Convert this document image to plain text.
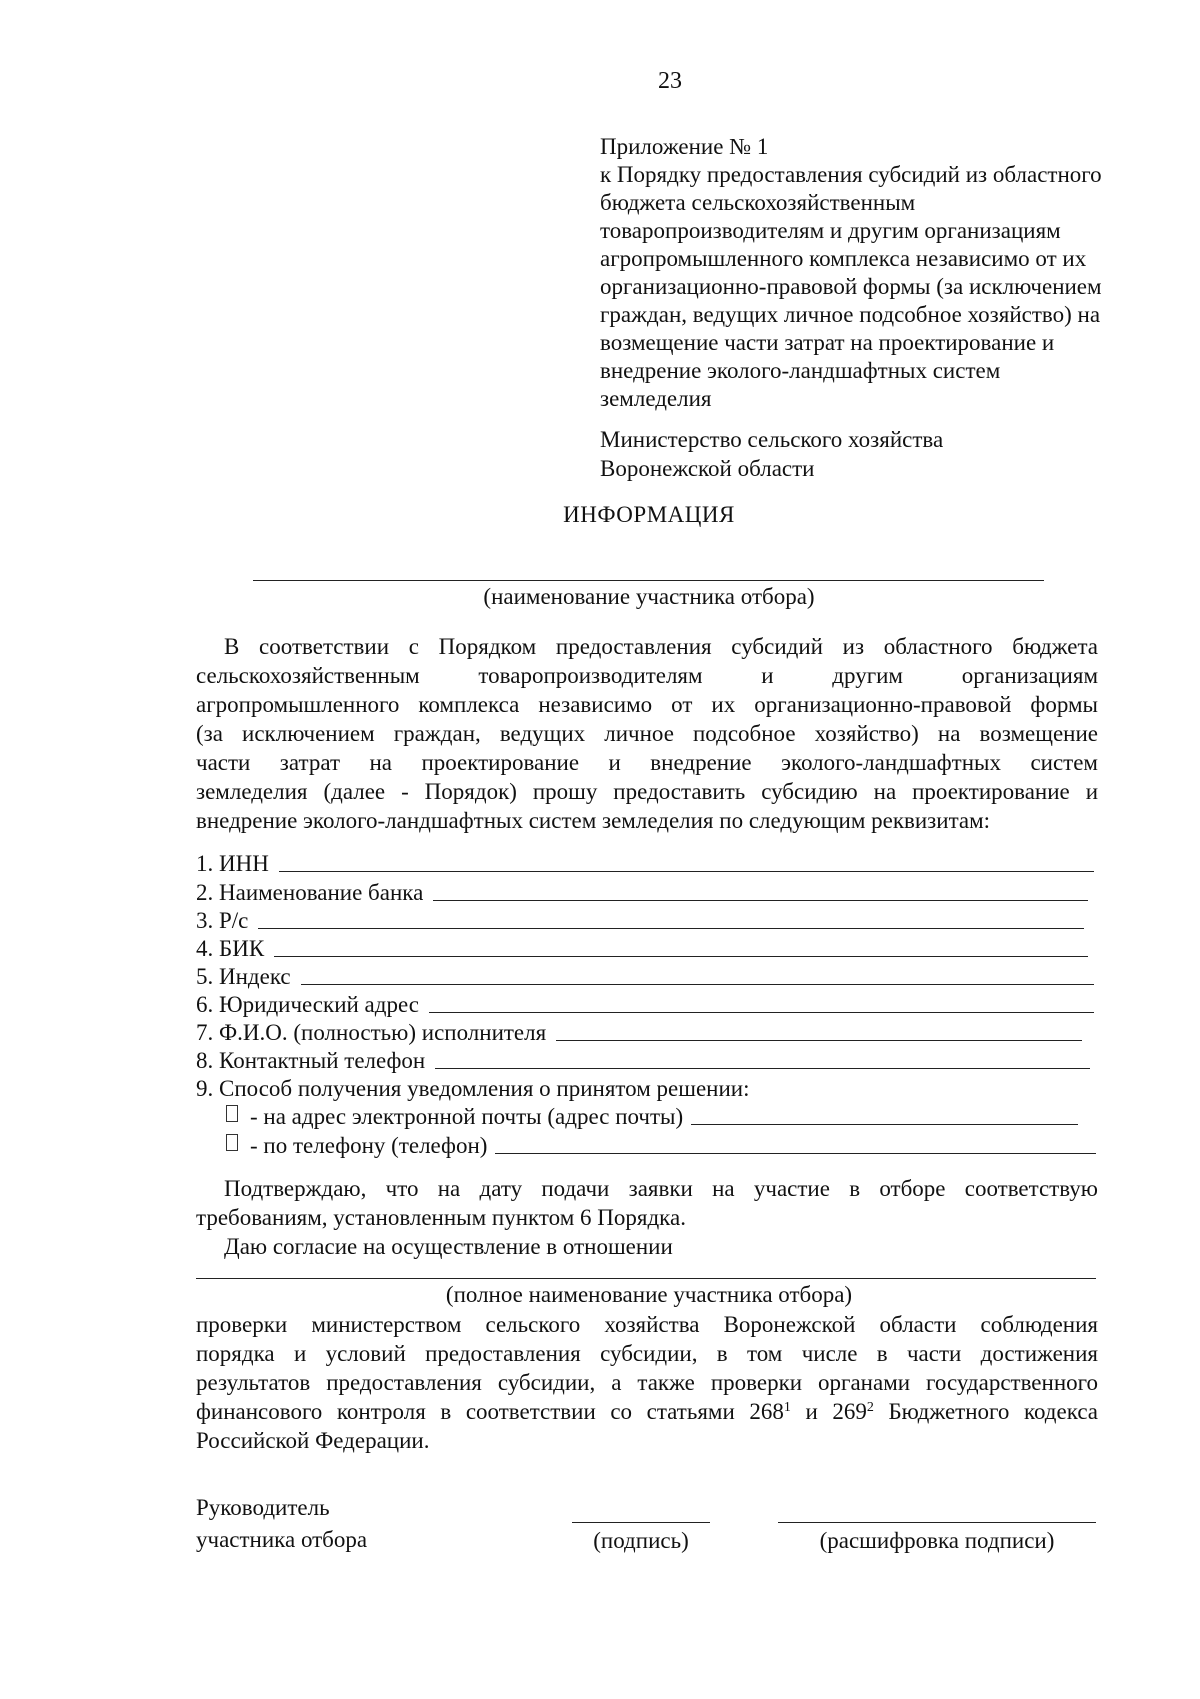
23
Приложение № 1
к Порядку предоставления субсидий из областного
бюджета сельскохозяйственным
товаропроизводителям и другим организациям
агропромышленного комплекса независимо от их
организационно-правовой формы (за исключением
граждан, ведущих личное подсобное хозяйство) на
возмещение части затрат на проектирование и
внедрение эколого-ландшафтных систем
земледелия
Министерство сельского хозяйства
Воронежской области
ИНФОРМАЦИЯ
(наименование участника отбора)
В соответствии с Порядком предоставления субсидий из областного бюджета
сельскохозяйственным товаропроизводителям и другим организациям
агропромышленного комплекса независимо от их организационно-правовой формы
(за исключением граждан, ведущих личное подсобное хозяйство) на возмещение
части затрат на проектирование и внедрение эколого-ландшафтных систем
земледелия (далее - Порядок) прошу предоставить субсидию на проектирование и
внедрение эколого-ландшафтных систем земледелия по следующим реквизитам:
1. ИНН
2. Наименование банка
3. Р/с
4. БИК
5. Индекс
6. Юридический адрес
7. Ф.И.О. (полностью) исполнителя
8. Контактный телефон
9. Способ получения уведомления о принятом решении:
- на адрес электронной почты (адрес почты)
- по телефону (телефон)
Подтверждаю, что на дату подачи заявки на участие в отборе соответствую
требованиям, установленным пунктом 6 Порядка.
Даю согласие на осуществление в отношении
(полное наименование участника отбора)
проверки министерством сельского хозяйства Воронежской области соблюдения
порядка и условий предоставления субсидии, в том числе в части достижения
результатов предоставления субсидии, а также проверки органами государственного
финансового контроля в соответствии со статьями $268^1$ и $269^2$ Бюджетного кодекса
Российской Федерации.
Руководитель
участника отбора	(подпись)	(расшифровка подписи)
